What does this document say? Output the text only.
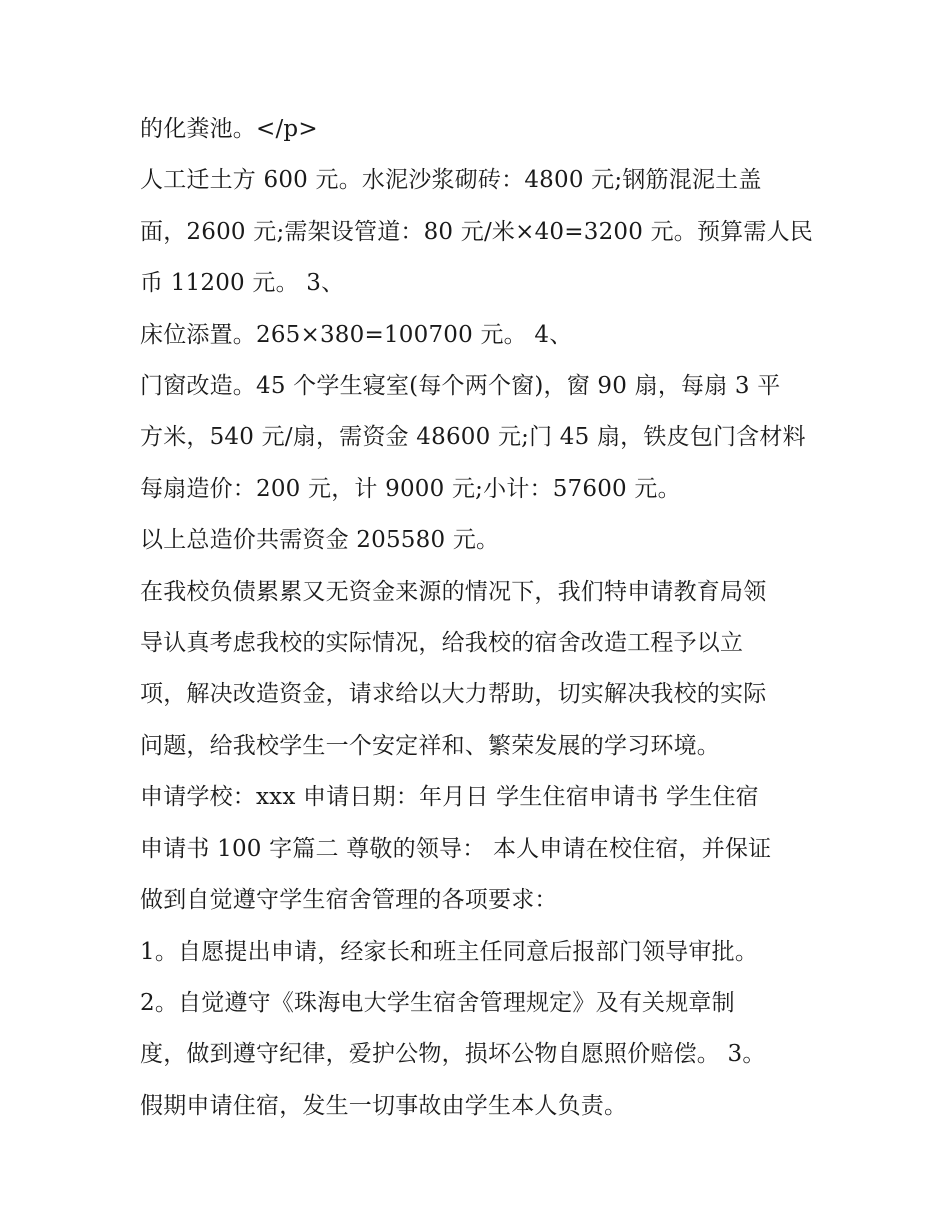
的化粪池。</p>

人工迁土方 600 元。水泥沙浆砌砖：4800 元;钢筋混泥土盖

面，2600 元;需架设管道：80 元/米×40=3200 元。预算需人民

币 11200 元。 3、

床位添置。265×380=100700 元。 4、

门窗改造。45 个学生寝室(每个两个窗)，窗 90 扇，每扇 3 平

方米，540 元/扇，需资金 48600 元;门 45 扇，铁皮包门含材料

每扇造价：200 元，计 9000 元;小计：57600 元。

以上总造价共需资金 205580 元。

在我校负债累累又无资金来源的情况下，我们特申请教育局领

导认真考虑我校的实际情况，给我校的宿舍改造工程予以立

项，解决改造资金，请求给以大力帮助，切实解决我校的实际

问题，给我校学生一个安定祥和、繁荣发展的学习环境。

申请学校：xxx 申请日期：年月日 学生住宿申请书 学生住宿

申请书 100 字篇二 尊敬的领导： 本人申请在校住宿，并保证

做到自觉遵守学生宿舍管理的各项要求：

1。自愿提出申请，经家长和班主任同意后报部门领导审批。

2。自觉遵守《珠海电大学生宿舍管理规定》及有关规章制

度，做到遵守纪律，爱护公物，损坏公物自愿照价赔偿。 3。

假期申请住宿，发生一切事故由学生本人负责。
